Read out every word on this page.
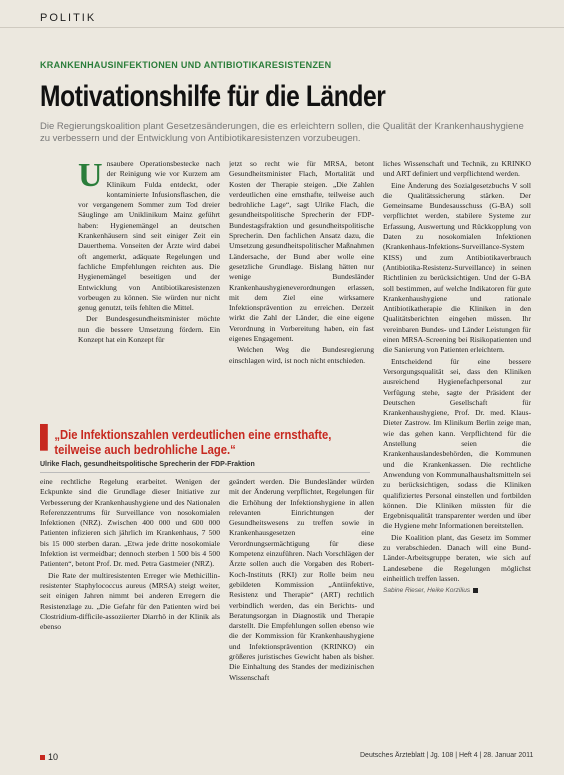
POLITIK
KRANKENHAUSINFEKTIONEN UND ANTIBIOTIKARESISTENZEN
Motivationshilfe für die Länder

Die Regierungskoalition plant Gesetzesänderungen, die es erleichtern sollen, die Qualität der Krankenhaushygiene zu verbessern und der Entwicklung von Antibiotikaresistenzen vorzubeugen.

U nsaubere Operationsbestecke nach der Reinigung wie vor Kurzem am Klinikum Fulda entdeckt, oder kontaminierte Infusionsflaschen, die vor vergangenem Sommer zum Tod dreier Säuglinge am Uniklinikum Mainz geführt haben: Hygienemängel an deutschen Krankenhäusern sind seit einiger Zeit ein Dauerthema. Vonseiten der Ärzte wird dabei oft angemerkt, adäquate Regelungen und fachliche Empfehlungen reichten aus. Die Hygienemängel beseitigen und der Entwicklung von Antibiotikaresistenzen vorbeugen zu können. Sie würden nur nicht genug genutzt, teils fehlten die Mittel.

Der Bundesgesundheitsminister möchte nun die bessere Umsetzung fördern. Ein Konzept hat ein Konzept für

jetzt so recht wie für MRSA, betont Gesundheitsminister Flach, Mortalität und Kosten der Therapie steigen. „Die Zahlen verdeutlichen eine ernsthafte, teilweise auch bedrohliche Lage“, sagt Ulrike Flach, die gesundheitspolitische Sprecherin der FDP-Bundestagsfraktion und gesundheitspolitische Sprecherin. Den fachlichen Ansatz dazu, die Umsetzung gesundheitspolitischer Maßnahmen Ländersache, der Bund aber wolle eine gesetzliche Grundlage. Bislang hätten nur wenige Bundesländer Krankenhaushygieneverordnungen erlassen, mit dem Ziel eine wirksamere Infektionsprävention zu erreichen. Derzeit wirkt die Zahl der Länder, die eine eigene Verordnung in Vorbereitung haben, ein fast eigenes Engagement.

Welchen Weg die Bundesregierung einschlagen wird, ist noch nicht entschieden.

▌
„Die Infektionszahlen verdeutlichen eine ernsthafte, teilweise auch bedrohliche Lage.“
Ulrike Flach, gesundheitspolitische Sprecherin der FDP-Fraktion

eine rechtliche Regelung erarbeitet. Wenigen der Eckpunkte sind die Grundlage dieser Initiative zur Verbesserung der Krankenhaushygiene und des Nationalen Referenzzentrums für Surveillance von nosokomialen Infektionen (NRZ). Zwischen 400 000 und 600 000 Patienten infizieren sich jährlich im Krankenhaus, 7 500 bis 15 000 sterben daran. „Etwa jede dritte nosokomiale Infektion ist vermeidbar; dennoch sterben 1 500 bis 4 500 Patienten“, betont Prof. Dr. med. Petra Gastmeier (NRZ).

Die Rate der multiresistenten Erreger wie Methicillin-resistenter Staphylococcus aureus (MRSA) steigt weiter, seit einigen Jahren nimmt bei anderen Erregern die Resistenzlage zu. „Die Gefahr für den Patienten wird bei Clostridium-difficile-assoziierter Diarrhö in der Klinik als ebenso

geändert werden. Die Bundesländer würden mit der Änderung verpflichtet, Regelungen für die Erhöhung der Infektionshygiene in allen relevanten Einrichtungen der Gesundheitswesens zu treffen sowie in Krankenhausgesetzen eine Verordnungsermächtigung für diese Kompetenz einzuführen. Nach Vorschlägen der Ärzte sollen auch die Vorgaben des Robert-Koch-Instituts (RKI) zur Rolle beim neu gebildeten Kommission „Antiinfektive, Resistenz und Therapie“ (ART) rechtlich verbindlich werden, das ein Berichts- und Beratungsorgan in Diagnostik und Therapie darstellt. Die Empfehlungen sollen ebenso wie die der Kommission für Krankenhaushygiene und Infektionsprävention (KRINKO) ein größeres juristisches Gewicht haben als bisher. Die Einhaltung des Standes der medizinischen Wissenschaft

liches Wissenschaft und Technik, zu KRINKO und ART definiert und verpflichtend werden.

Eine Änderung des Sozialgesetzbuchs V soll die Qualitätssicherung stärken. Der Gemeinsame Bundesausschuss (G-BA) soll verpflichtet werden, stabilere Systeme zur Erfassung, Auswertung und Rückkopplung von Daten zu nosokomialen Infektionen (Krankenhaus-Infektions-Surveillance-System KISS) und zum Antibiotikaverbrauch (Antibiotika-Resistenz-Surveillance) in seinen Richtlinien zu berücksichtigen. Und der G-BA soll bestimmen, auf welche Indikatoren für gute Krankenhaushygiene und rationale Antibiotikatherapie die Kliniken in den Qualitätsberichten eingehen müssen. Ihr vereinbaren Bundes- und Länder Leistungen für einen MRSA-Screening bei Risikopatienten und die Sanierung von Patienten erleichtern.

Entscheidend für eine bessere Versorgungsqualität sei, dass den Kliniken ausreichend Hygienefachpersonal zur Verfügung stehe, sagte der Präsident der Deutschen Gesellschaft für Krankenhaushygiene, Prof. Dr. med. Klaus-Dieter Zastrow. Im Klinikum Berlin zeige man, wie das gehen kann. Verpflichtend für die Anstellung seien die Krankenhauslandesbehörden, die Kommunen und die Krankenkassen. Die rechtliche Anwendung von Kommunalhaushaltsmitteln sei zu berücksichtigen, sodass die Kliniken qualifiziertes Personal einstellen und fortbilden können. Die Kliniken müssten für die Ergebnisqualität transparenter werden und über die Hygiene mehr Informationen bereitstellen.

Die Koalition plant, das Gesetz im Sommer zu verabschieden. Danach will eine Bund-Länder-Arbeitsgruppe beraten, wie sich auf Landesebene die Regelungen möglichst einheitlich treffen lassen.

Sabine Rieser, Heike Korzilius

10	Deutsches Ärzteblatt | Jg. 108 | Heft 4 | 28. Januar 2011
